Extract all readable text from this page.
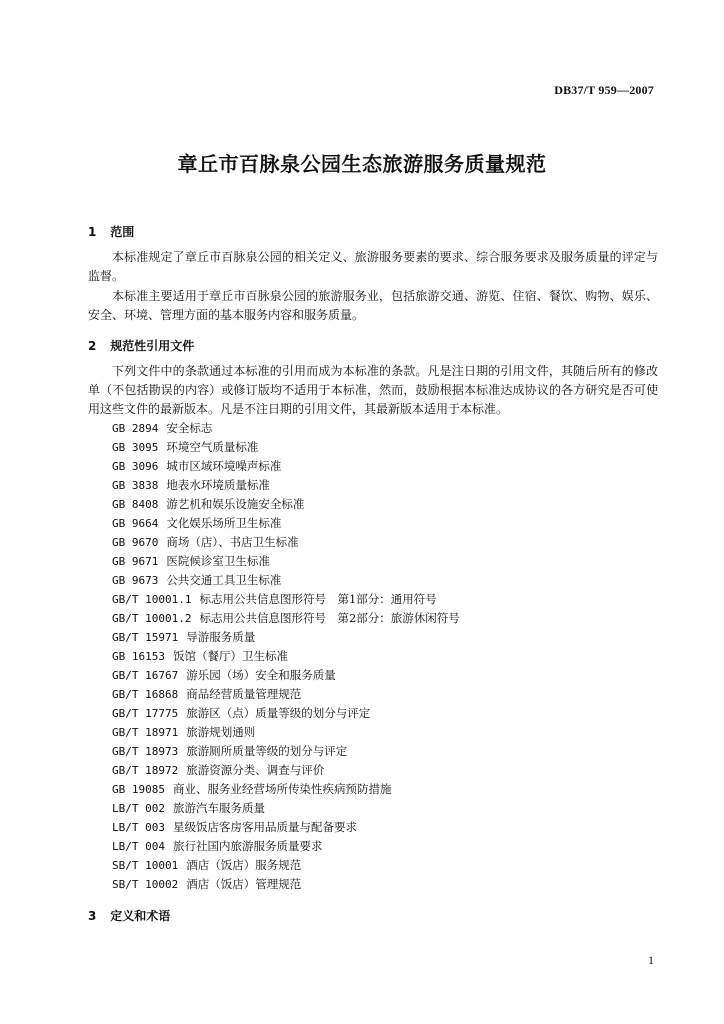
DB37/T 959—2007
章丘市百脉泉公园生态旅游服务质量规范
1 范围

本标准规定了章丘市百脉泉公园的相关定义、旅游服务要素的要求、综合服务要求及服务质量的评定与监督。

本标准主要适用于章丘市百脉泉公园的旅游服务业，包括旅游交通、游览、住宿、餐饮、购物、娱乐、安全、环境、管理方面的基本服务内容和服务质量。

2 规范性引用文件

下列文件中的条款通过本标准的引用而成为本标准的条款。凡是注日期的引用文件，其随后所有的修改单（不包括勘误的内容）或修订版均不适用于本标准，然而，鼓励根据本标准达成协议的各方研究是否可使用这些文件的最新版本。凡是不注日期的引用文件，其最新版本适用于本标准。

GB 2894 安全标志
GB 3095 环境空气质量标准
GB 3096 城市区域环境噪声标准
GB 3838 地表水环境质量标准
GB 8408 游艺机和娱乐设施安全标准
GB 9664 文化娱乐场所卫生标准
GB 9670 商场（店）、书店卫生标准
GB 9671 医院候诊室卫生标准
GB 9673 公共交通工具卫生标准
GB/T 10001.1 标志用公共信息图形符号　第1部分：通用符号
GB/T 10001.2 标志用公共信息图形符号　第2部分：旅游休闲符号
GB/T 15971 导游服务质量
GB 16153 饭馆（餐厅）卫生标准
GB/T 16767 游乐园（场）安全和服务质量
GB/T 16868 商品经营质量管理规范
GB/T 17775 旅游区（点）质量等级的划分与评定
GB/T 18971 旅游规划通则
GB/T 18973 旅游厕所质量等级的划分与评定
GB/T 18972 旅游资源分类、调查与评价
GB 19085 商业、服务业经营场所传染性疾病预防措施
LB/T 002 旅游汽车服务质量
LB/T 003 星级饭店客房客用品质量与配备要求
LB/T 004 旅行社国内旅游服务质量要求
SB/T 10001 酒店（饭店）服务规范
SB/T 10002 酒店（饭店）管理规范
3 定义和术语
1
